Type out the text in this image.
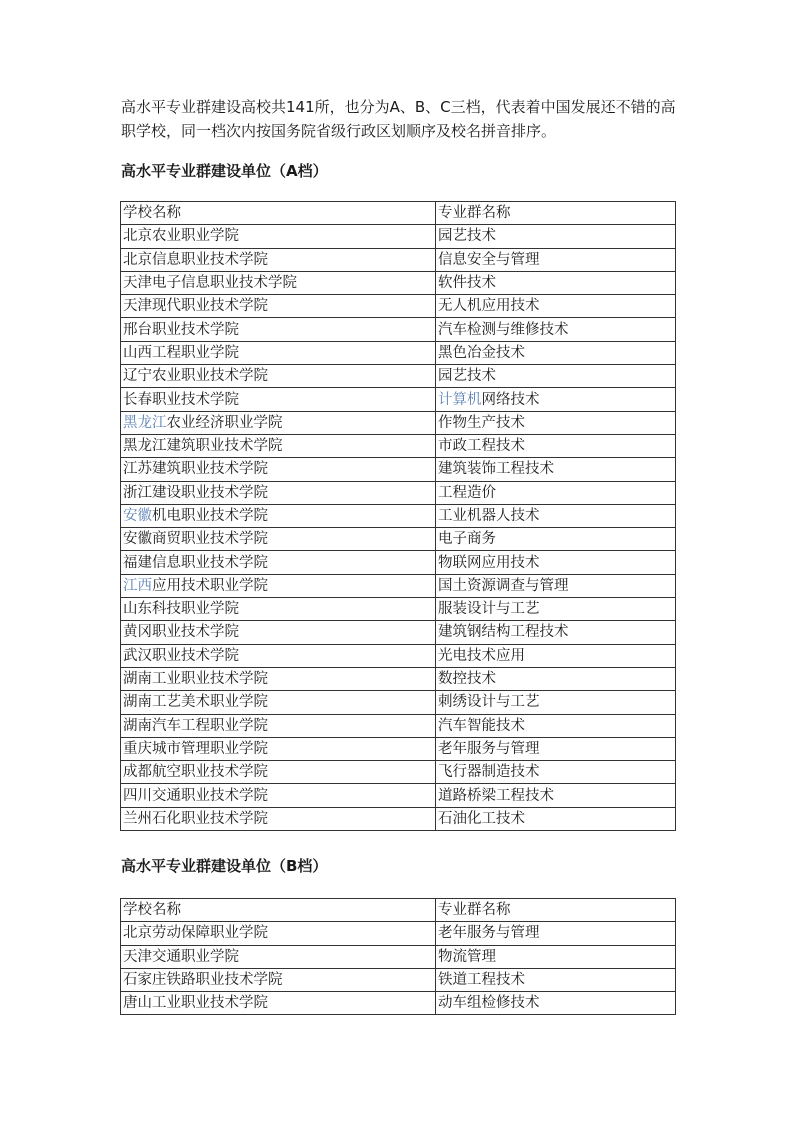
高水平专业群建设高校共141所，也分为A、B、C三档，代表着中国发展还不错的高职学校，同一档次内按国务院省级行政区划顺序及校名拼音排序。

高水平专业群建设单位（A档）
学校名称	专业群名称
北京农业职业学院	园艺技术
北京信息职业技术学院	信息安全与管理
天津电子信息职业技术学院	软件技术
天津现代职业技术学院	无人机应用技术
邢台职业技术学院	汽车检测与维修技术
山西工程职业学院	黑色冶金技术
辽宁农业职业技术学院	园艺技术
长春职业技术学院	计算机网络技术
黑龙江农业经济职业学院	作物生产技术
黑龙江建筑职业技术学院	市政工程技术
江苏建筑职业技术学院	建筑装饰工程技术
浙江建设职业技术学院	工程造价
安徽机电职业技术学院	工业机器人技术
安徽商贸职业技术学院	电子商务
福建信息职业技术学院	物联网应用技术
江西应用技术职业学院	国土资源调查与管理
山东科技职业学院	服装设计与工艺
黄冈职业技术学院	建筑钢结构工程技术
武汉职业技术学院	光电技术应用
湖南工业职业技术学院	数控技术
湖南工艺美术职业学院	刺绣设计与工艺
湖南汽车工程职业学院	汽车智能技术
重庆城市管理职业学院	老年服务与管理
成都航空职业技术学院	飞行器制造技术
四川交通职业技术学院	道路桥梁工程技术
兰州石化职业技术学院	石油化工技术
高水平专业群建设单位（B档）
学校名称	专业群名称
北京劳动保障职业学院	老年服务与管理
天津交通职业学院	物流管理
石家庄铁路职业技术学院	铁道工程技术
唐山工业职业技术学院	动车组检修技术
